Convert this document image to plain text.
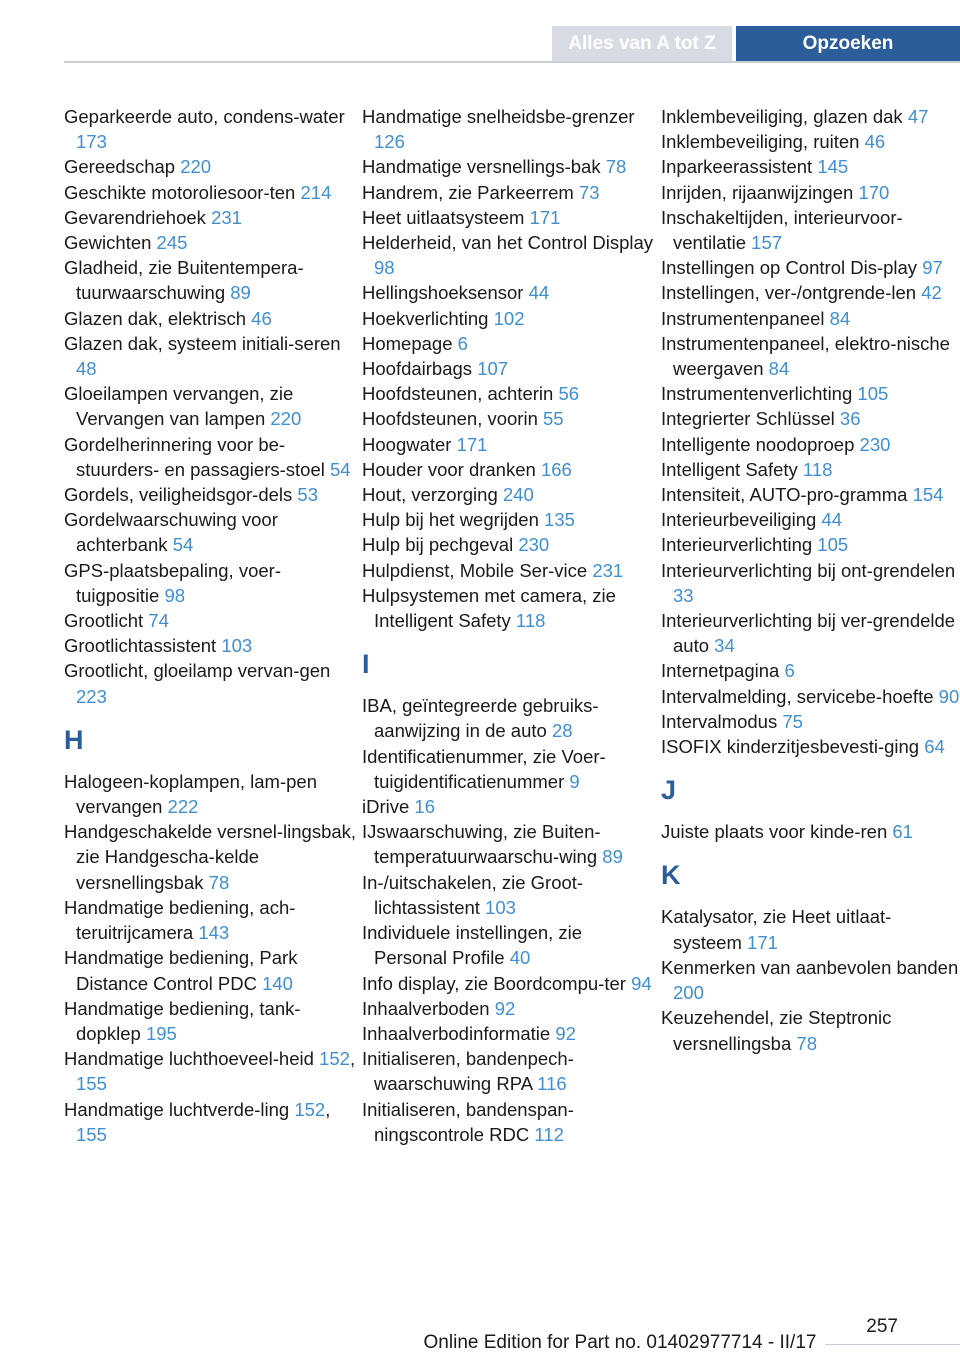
Alles van A tot Z	Opzoeken
Geparkeerde auto, condens-water 173
Gereedschap 220
Geschikte motoroliesoor-ten 214
Gevarendriehoek 231
Gewichten 245
Gladheid, zie Buitentempera-tuurwaarschuwing 89
Glazen dak, elektrisch 46
Glazen dak, systeem initiali-seren 48
Gloeilampen vervangen, zie Vervangen van lampen 220
Gordelherinnering voor be-stuurders- en passagiers-stoel 54
Gordels, veiligheidsgor-dels 53
Gordelwaarschuwing voor achterbank 54
GPS-plaatsbepaling, voer-tuigpositie 98
Grootlicht 74
Grootlichtassistent 103
Grootlicht, gloeilamp vervan-gen 223
H
Halogeen-koplampen, lam-pen vervangen 222
Handgeschakelde versnel-lingsbak, zie Handgescha-kelde versnellingsbak 78
Handmatige bediening, ach-teruitrijcamera 143
Handmatige bediening, Park Distance Control PDC 140
Handmatige bediening, tank-dopklep 195
Handmatige luchthoeveel-heid 152, 155
Handmatige luchtverde-ling 152, 155
Handmatige snelheidsbe-grenzer 126
Handmatige versnellings-bak 78
Handrem, zie Parkeerrem 73
Heet uitlaatsysteem 171
Helderheid, van het Control Display 98
Hellingshoeksensor 44
Hoekverlichting 102
Homepage 6
Hoofdairbags 107
Hoofdsteunen, achterin 56
Hoofdsteunen, voorin 55
Hoogwater 171
Houder voor dranken 166
Hout, verzorging 240
Hulp bij het wegrijden 135
Hulp bij pechgeval 230
Hulpdienst, Mobile Ser-vice 231
Hulpsystemen met camera, zie Intelligent Safety 118
I
IBA, geïntegreerde gebruiks-aanwijzing in de auto 28
Identificatienummer, zie Voer-tuigidentificatienummer 9
iDrive 16
IJswaarschuwing, zie Buiten-temperatuurwaarschu-wing 89
In-/uitschakelen, zie Groot-lichtassistent 103
Individuele instellingen, zie Personal Profile 40
Info display, zie Boordcompu-ter 94
Inhaalverboden 92
Inhaalverbodinformatie 92
Initialiseren, bandenpech-waarschuwing RPA 116
Initialiseren, bandenspan-ningscontrole RDC 112
Inklembeveiliging, glazen dak 47
Inklembeveiliging, ruiten 46
Inparkeerassistent 145
Inrijden, rijaanwijzingen 170
Inschakeltijden, interieurvoor-ventilatie 157
Instellingen op Control Dis-play 97
Instellingen, ver-/ontgrende-len 42
Instrumentenpaneel 84
Instrumentenpaneel, elektro-nische weergaven 84
Instrumentenverlichting 105
Integrierter Schlüssel 36
Intelligente noodoproep 230
Intelligent Safety 118
Intensiteit, AUTO-pro-gramma 154
Interieurbeveiliging 44
Interieurverlichting 105
Interieurverlichting bij ont-grendelen 33
Interieurverlichting bij ver-grendelde auto 34
Internetpagina 6
Intervalmelding, servicebe-hoefte 90
Intervalmodus 75
ISOFIX kinderzitjesbevesti-ging 64
J
Juiste plaats voor kinde-ren 61
K
Katalysator, zie Heet uitlaat-systeem 171
Kenmerken van aanbevolen banden 200
Keuzehendel, zie Steptronic versnellingsba 78
257
Online Edition for Part no. 01402977714 - II/17
